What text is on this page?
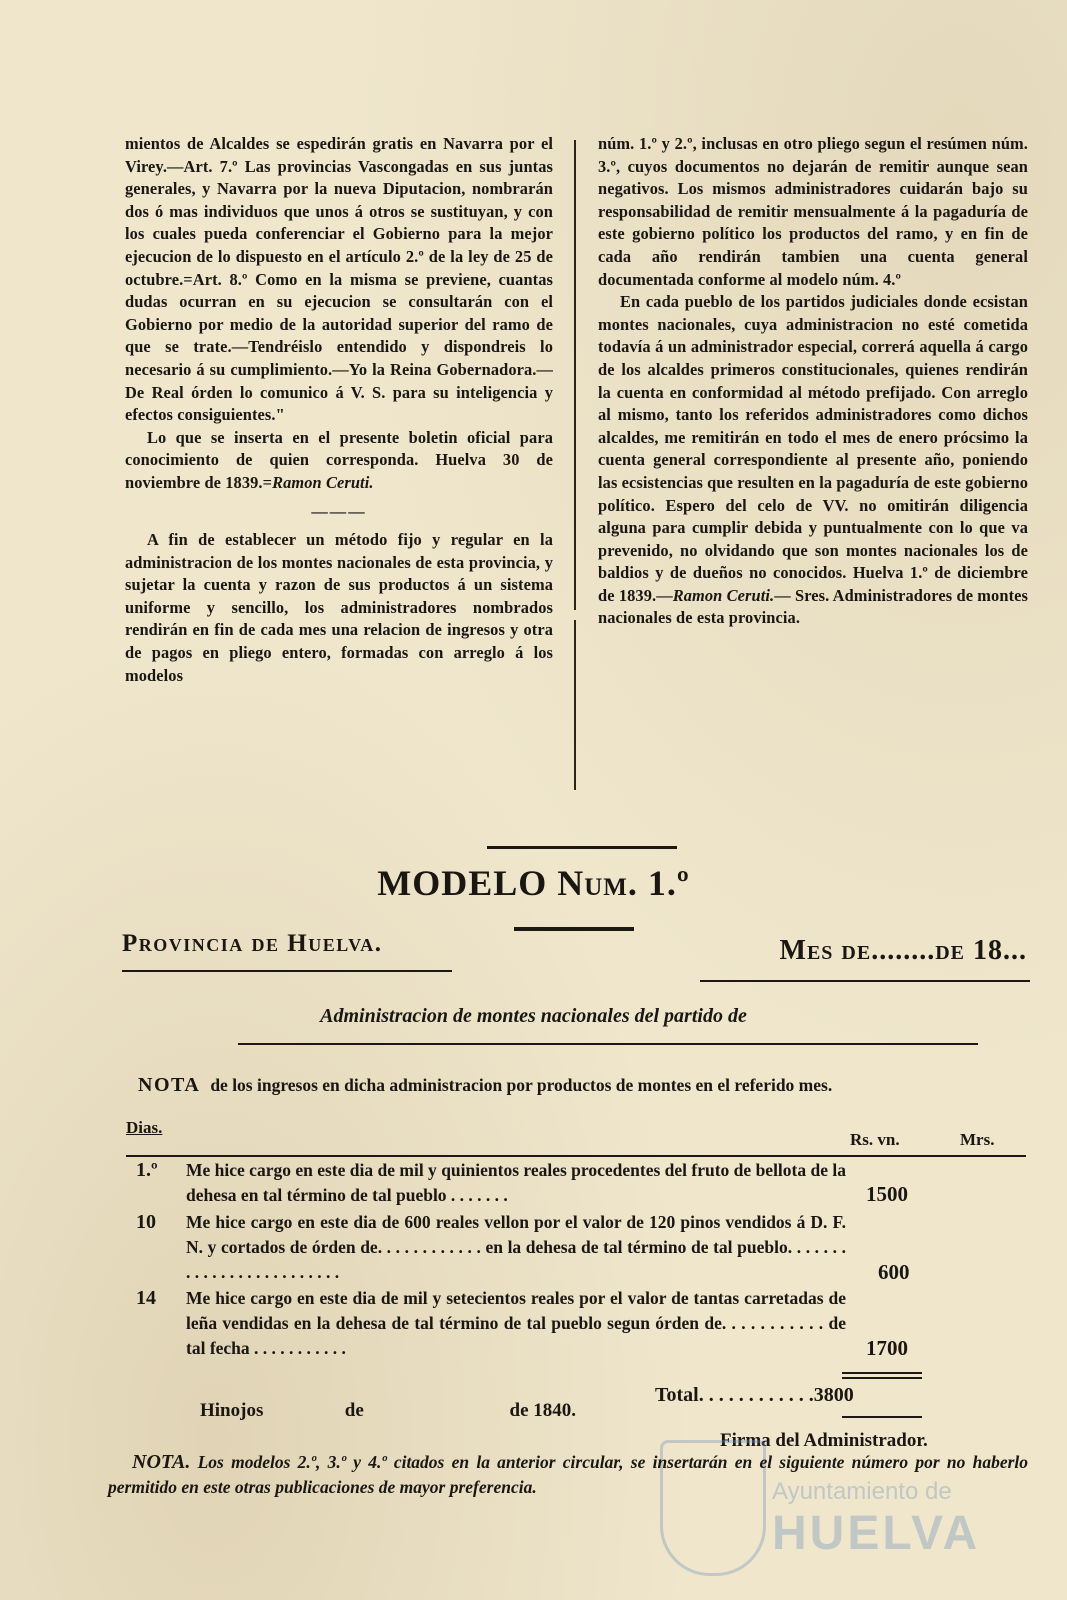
mientos de Alcaldes se espedirán gratis en Navarra por el Virey.—Art. 7.º Las provincias Vascongadas en sus juntas generales, y Navarra por la nueva Diputacion, nombrarán dos ó mas individuos que unos á otros se sustituyan, y con los cuales pueda conferenciar el Gobierno para la mejor ejecucion de lo dispuesto en el artículo 2.º de la ley de 25 de octubre.=Art. 8.º Como en la misma se previene, cuantas dudas ocurran en su ejecucion se consultarán con el Gobierno por medio de la autoridad superior del ramo de que se trate.—Tendréislo entendido y dispondreis lo necesario á su cumplimiento.—Yo la Reina Gobernadora.—De Real órden lo comunico á V. S. para su inteligencia y efectos consiguientes."

Lo que se inserta en el presente boletin oficial para conocimiento de quien corresponda. Huelva 30 de noviembre de 1839.=Ramon Ceruti.

———

A fin de establecer un método fijo y regular en la administracion de los montes nacionales de esta provincia, y sujetar la cuenta y razon de sus productos á un sistema uniforme y sencillo, los administradores nombrados rendirán en fin de cada mes una relacion de ingresos y otra de pagos en pliego entero, formadas con arreglo á los modelos

núm. 1.º y 2.º, inclusas en otro pliego segun el resúmen núm. 3.º, cuyos documentos no dejarán de remitir aunque sean negativos. Los mismos administradores cuidarán bajo su responsabilidad de remitir mensualmente á la pagaduría de este gobierno político los productos del ramo, y en fin de cada año rendirán tambien una cuenta general documentada conforme al modelo núm. 4.º

En cada pueblo de los partidos judiciales donde ecsistan montes nacionales, cuya administracion no esté cometida todavía á un administrador especial, correrá aquella á cargo de los alcaldes primeros constitucionales, quienes rendirán la cuenta en conformidad al método prefijado. Con arreglo al mismo, tanto los referidos administradores como dichos alcaldes, me remitirán en todo el mes de enero prócsimo la cuenta general correspondiente al presente año, poniendo las ecsistencias que resulten en la pagaduría de este gobierno político. Espero del celo de VV. no omitirán diligencia alguna para cumplir debida y puntualmente con lo que va prevenido, no olvidando que son montes nacionales los de baldios y de dueños no conocidos. Huelva 1.º de diciembre de 1839.—Ramon Ceruti.— Sres. Administradores de montes nacionales de esta provincia.

MODELO Num. 1.º
Provincia de Huelva.	Mes de........de 18...
Administracion de montes nacionales del partido de
NOTA de los ingresos en dicha administracion por productos de montes en el referido mes.
Dias.
Rs. vn.	Mrs.
1.º Me hice cargo en este dia de mil y quinientos reales procedentes del fruto de bellota de la dehesa en tal término de tal pueblo . . . . . . .	1500
10 Me hice cargo en este dia de 600 reales vellon por el valor de 120 pinos vendidos á D. F. N. y cortados de órden de. . . . . . . . . . . . en la dehesa de tal término de tal pueblo. . . . . . . . . . . . . . . . . . . . . . . . .	600
14 Me hice cargo en este dia de mil y setecientos reales por el valor de tantas carretadas de leña vendidas en la dehesa de tal término de tal pueblo segun órden de. . . . . . . . . . . de tal fecha . . . . . . . . . . .	1700
Total. . . . . . . . . . . .3800
Hinojos	de	de 1840.
Firma del Administrador.
Ayuntamiento de
HUELVA
NOTA. Los modelos 2.º, 3.º y 4.º citados en la anterior circular, se insertarán en el siguiente número por no haberlo permitido en este otras publicaciones de mayor preferencia.
